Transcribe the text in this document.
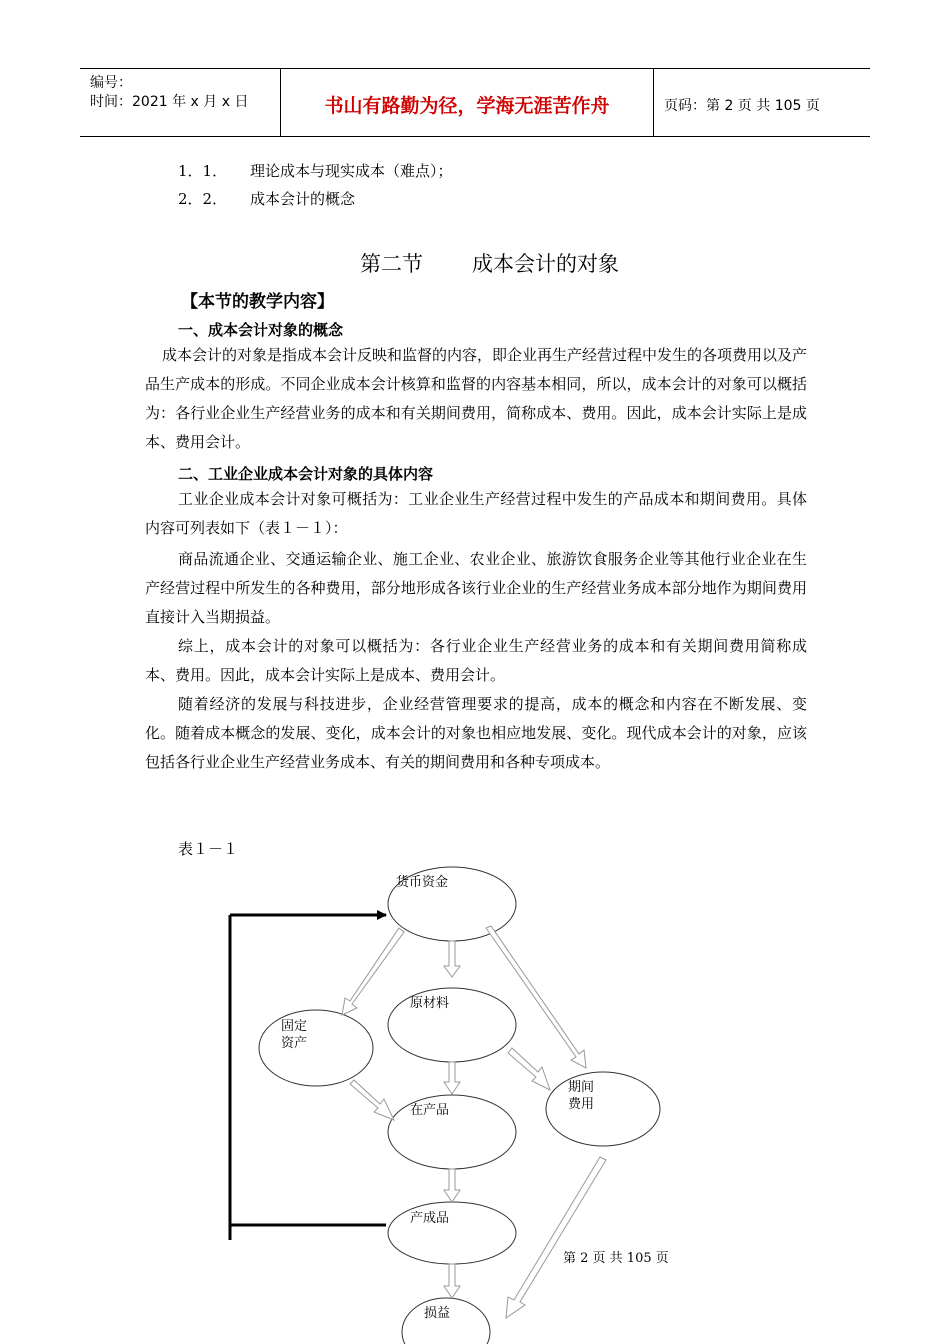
编号：
时间：2021 年 x 月 x 日	书山有路勤为径，学海无涯苦作舟	页码：第 2 页 共 105 页
1．1． 理论成本与现实成本（难点）；
2．2． 成本会计的概念
第二节 成本会计的对象
【本节的教学内容】
一、成本会计对象的概念
成本会计的对象是指成本会计反映和监督的内容，即企业再生产经营过程中发生的各项费用以及产品生产成本的形成。不同企业成本会计核算和监督的内容基本相同，所以，成本会计的对象可以概括为：各行业企业生产经营业务的成本和有关期间费用，简称成本、费用。因此，成本会计实际上是成本、费用会计。
二、工业企业成本会计对象的具体内容
工业企业成本会计对象可概括为：工业企业生产经营过程中发生的产品成本和期间费用。具体内容可列表如下（表１－１）：
商品流通企业、交通运输企业、施工企业、农业企业、旅游饮食服务企业等其他行业企业在生产经营过程中所发生的各种费用，部分地形成各该行业企业的生产经营业务成本部分地作为期间费用直接计入当期损益。
综上，成本会计的对象可以概括为：各行业企业生产经营业务的成本和有关期间费用简称成本、费用。因此，成本会计实际上是成本、费用会计。
随着经济的发展与科技进步，企业经营管理要求的提高，成本的概念和内容在不断发展、变化。随着成本概念的发展、变化，成本会计的对象也相应地发展、变化。现代成本会计的对象，应该包括各行业企业生产经营业务成本、有关的期间费用和各种专项成本。
表１－１
货币资金
固定
资产
原材料
期间
费用
在产品
产成品
损益
第 2 页 共 105 页
